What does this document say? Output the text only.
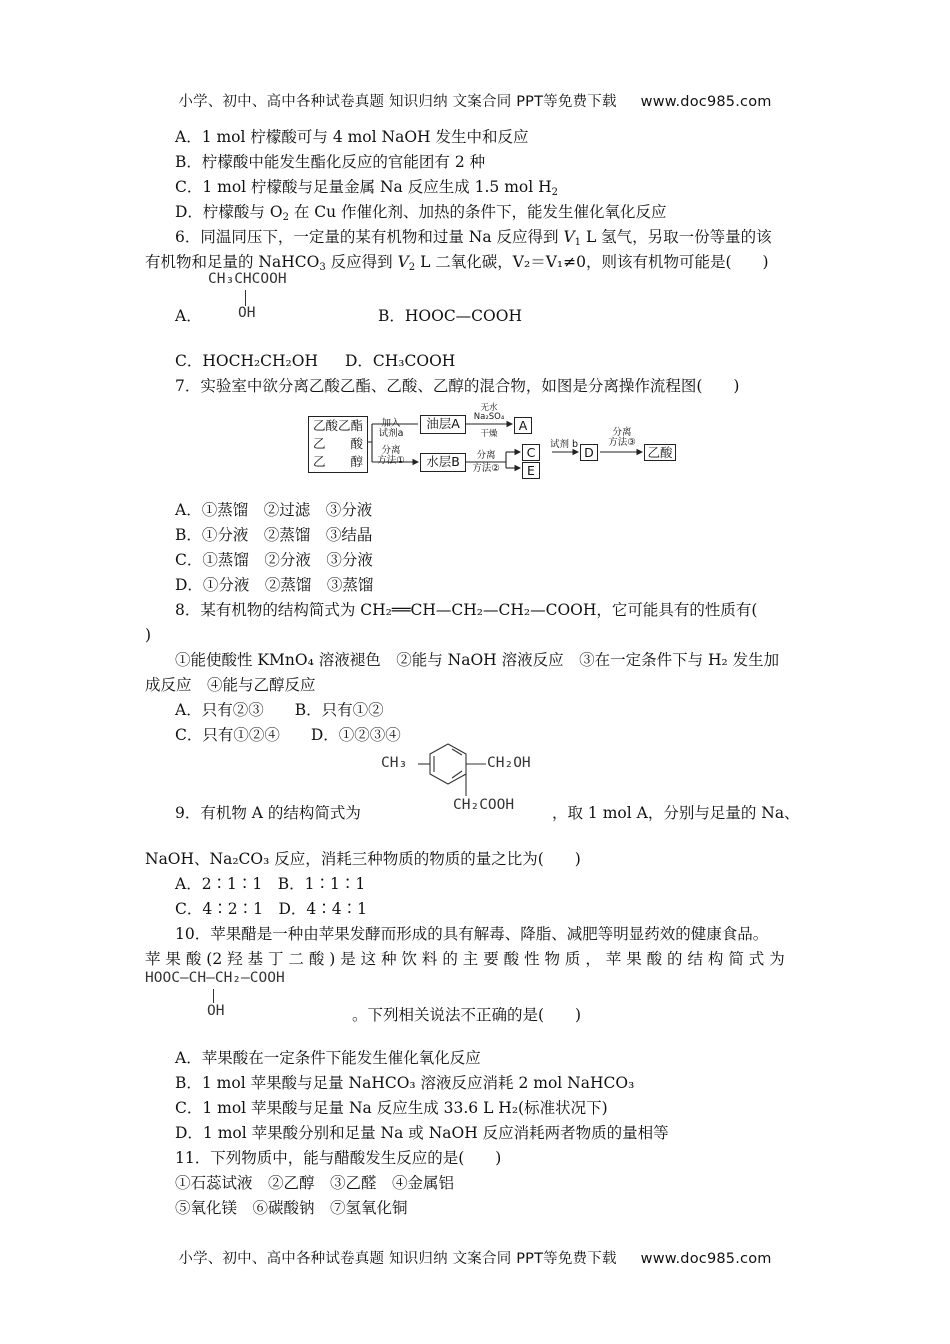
小学、初中、高中各种试卷真题 知识归纳 文案合同 PPT等免费下载 www.doc985.com
A．1 mol 柠檬酸可与 4 mol NaOH 发生中和反应
B．柠檬酸中能发生酯化反应的官能团有 2 种
C．1 mol 柠檬酸与足量金属 Na 反应生成 1.5 mol $H_2$
D．柠檬酸与 $O_2$ 在 Cu 作催化剂、加热的条件下，能发生催化氧化反应
6．同温同压下，一定量的某有机物和过量 Na 反应得到 $V_1$ L 氢气，另取一份等量的该
有机物和足量的 NaHCO$_3$ 反应得到 $V_2$ L 二氧化碳，V₂＝V₁≠0，则该有机物可能是(　　)
CH₃CHCOOH
OH
A．	B．HOOC—COOH
C．HOCH₂CH₂OH D．CH₃COOH
7．实验室中欲分离乙酸乙酯、乙酸、乙醇的混合物，如图是分离操作流程图(　　)
乙酸乙酯
乙　　酸
乙　　醇
加入
试剂a
分离
方法①
油层A
水层B
无水
Na₂SO₄
干燥
A
分离
方法②
C
E
试剂 b
D
分离
方法③
乙酸
A．①蒸馏　②过滤　③分液
B．①分液　②蒸馏　③结晶
C．①蒸馏　②分液　③分液
D．①分液　②蒸馏　③蒸馏
8．某有机物的结构简式为 CH₂══CH—CH₂—CH₂—COOH，它可能具有的性质有(
)
①能使酸性 KMnO₄ 溶液褪色　②能与 NaOH 溶液反应　③在一定条件下与 H₂ 发生加
成反应　④能与乙醇反应
A．只有②③　　B．只有①②
C．只有①②④　　D．①②③④
CH₃	CH₂OH
CH₂COOH
9．有机物 A 的结构简式为	，取 1 mol A，分别与足量的 Na、
NaOH、Na₂CO₃ 反应，消耗三种物质的物质的量之比为(　　)
A．2∶1∶1　B．1∶1∶1
C．4∶2∶1　D．4∶4∶1
10．苹果醋是一种由苹果发酵而形成的具有解毒、降脂、减肥等明显药效的健康食品。
苹 果 酸 (2 羟 基 丁 二 酸 ) 是 这 种 饮 料 的 主 要 酸 性 物 质 ， 苹 果 酸 的 结 构 简 式 为
HOOC—CH—CH₂—COOH
OH	。下列相关说法不正确的是(　　)
A．苹果酸在一定条件下能发生催化氧化反应
B．1 mol 苹果酸与足量 NaHCO₃ 溶液反应消耗 2 mol NaHCO₃
C．1 mol 苹果酸与足量 Na 反应生成 33.6 L H₂(标准状况下)
D．1 mol 苹果酸分别和足量 Na 或 NaOH 反应消耗两者物质的量相等
11．下列物质中，能与醋酸发生反应的是(　　)
①石蕊试液　②乙醇　③乙醛　④金属铝
⑤氧化镁　⑥碳酸钠　⑦氢氧化铜
小学、初中、高中各种试卷真题 知识归纳 文案合同 PPT等免费下载 www.doc985.com
